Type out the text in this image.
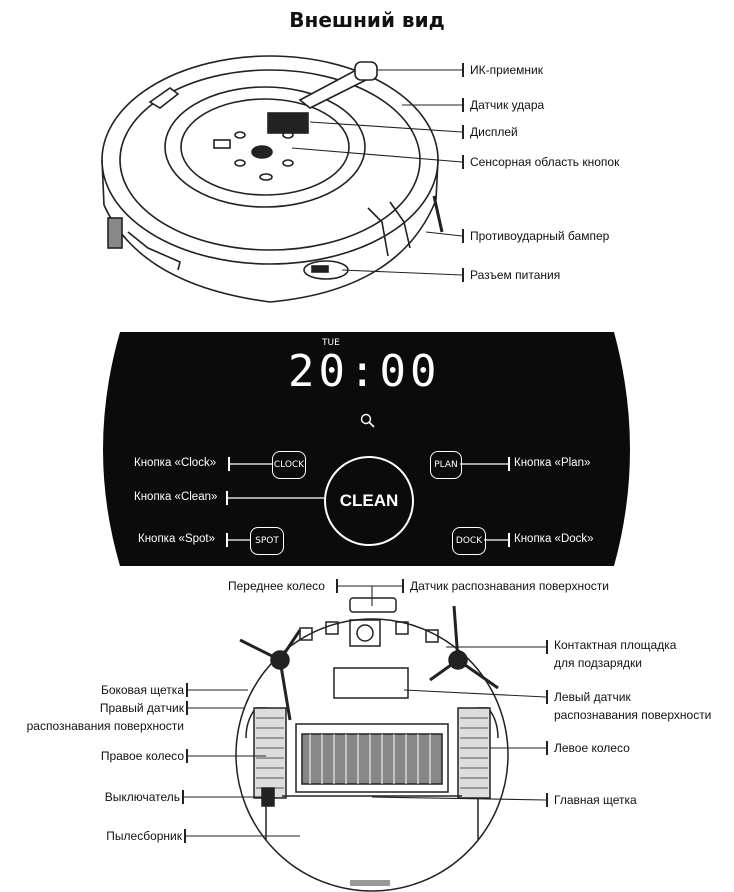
Внешний вид
ИК-приемник
Датчик удара
Дисплей
Сенсорная область кнопок
Противоударный бампер
Разъем питания
TUE
20:00
CLOCK	PLAN
SPOT	DOCK
CLEAN
Кнопка «Clock»
Кнопка «Clean»
Кнопка «Spot»
Кнопка «Plan»
Кнопка «Dock»
Переднее колесо	Датчик распознавания поверхности
Боковая щетка
Правый датчик
распознавания поверхности
Правое колесо
Выключатель
Пылесборник
Контактная площадка
для подзарядки
Левый датчик
распознавания поверхности
Левое колесо
Главная щетка
